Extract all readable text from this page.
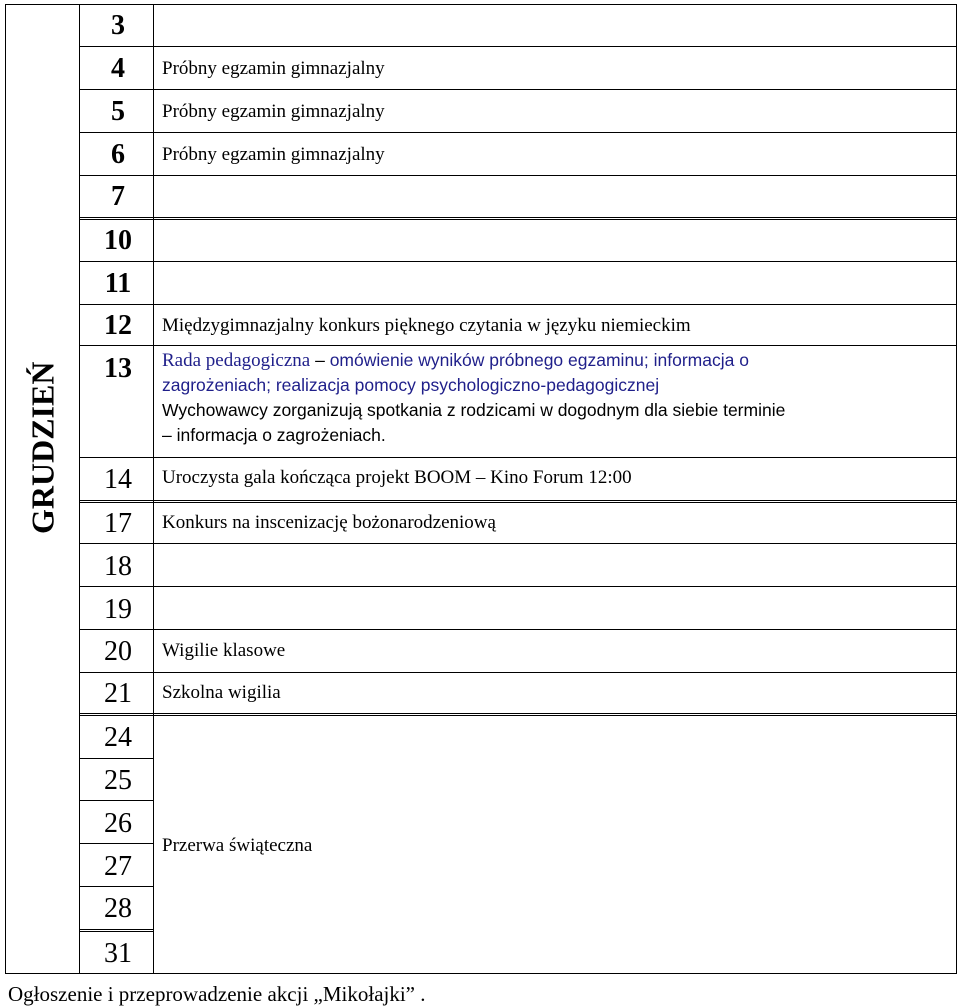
GRUDZIEŃ
3
4
5
6
7
10
11
12
13
14
17
18
19
20
21
24
25
26
27
28
31
Próbny egzamin gimnazjalny
Próbny egzamin gimnazjalny
Próbny egzamin gimnazjalny
Międzygimnazjalny konkurs pięknego czytania w języku niemieckim
Rada pedagogiczna – omówienie wyników próbnego egzaminu; informacja o
zagrożeniach; realizacja pomocy psychologiczno-pedagogicznej
Wychowawcy zorganizują spotkania z rodzicami w dogodnym dla siebie terminie
– informacja o zagrożeniach.
Uroczysta gala kończąca projekt BOOM – Kino Forum 12:00
Konkurs na inscenizację bożonarodzeniową
Wigilie klasowe
Szkolna wigilia
Przerwa świąteczna
Ogłoszenie i przeprowadzenie akcji „Mikołajki” .
